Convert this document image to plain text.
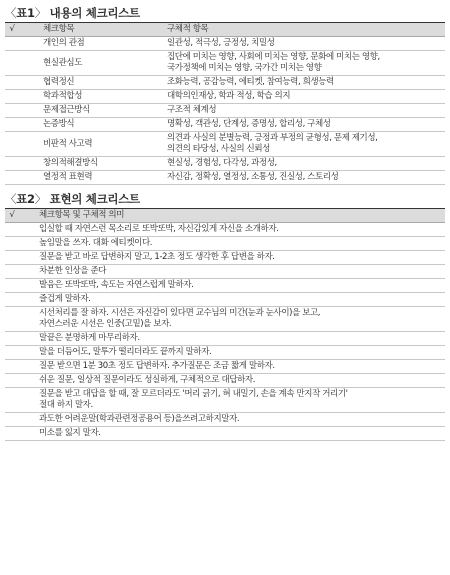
〈표1〉 내용의 체크리스트
√	체크항목	구체적 항목
	개인의 관점	일관성, 적극성, 긍정성, 치밀성

	현실관심도	집단에 미치는 영향, 사회에 미치는 영향, 문화에 미치는 영향,
국가정책에 미치는 영향, 국가간 미치는 영향

	협력정신	조화능력, 공감능력, 에티켓, 참여능력, 희생능력

	학과적합성	대학의인재상, 학과 적성, 학습 의지

	문제접근방식	구조적 체계성

	논증방식	명확성, 객관성, 단계성, 증명성, 합리성, 구체성

	비판적 사고력	의견과 사실의 분별능력, 긍정과 부정의 균형성, 문제 제기성,
의견의 타당성, 사실의 신뢰성

	창의적해결방식	현실성, 경험성, 다각성, 과정성,

	열정적 표현력	자신감, 정확성, 열정성, 소통성, 진실성, 스토리성
〈표2〉 표현의 체크리스트
√	체크항목 및 구체적 의미

	입실할 때 자연스런 목소리로 또박또박, 자신감있게 자신을 소개하자.

	높임말을 쓰자. 대화 에티켓이다.

	질문을 받고 바로 답변하지 말고, 1-2초 정도 생각한 후 답변을 하자.

	차분한 인상을 준다

	발음은 또박또박, 속도는 자연스럽게 말하자.

	즐겁게 말하자.

	시선처리를 잘 하자. 시선은 자신감이 있다면 교수님의 미간(눈과 눈사이)을 보고,
자연스러운 시선은 인중(고밑)을 보자.

	말끝은 분명하게 마무리하자.

	말을 더듬어도, 말투가 떨리더라도 끝까지 말하자.

	질문 받으면 1분 30초 정도 답변하자. 추가질문은 조금 짧게 말하자.

	쉬운 질문, 일상적 질문이라도 성실하게, 구체적으로 대답하자.

	질문을 받고 대답을 할 때, 잘 모르더라도 '머리 긁기, 혀 내밀기, 손을 계속 만지작 거리기'
절대 하지 말자.

	과도한 어려운말(학과관련정공용어 등)을쓰려고하지말자.

	미소를 잃지 말자.
